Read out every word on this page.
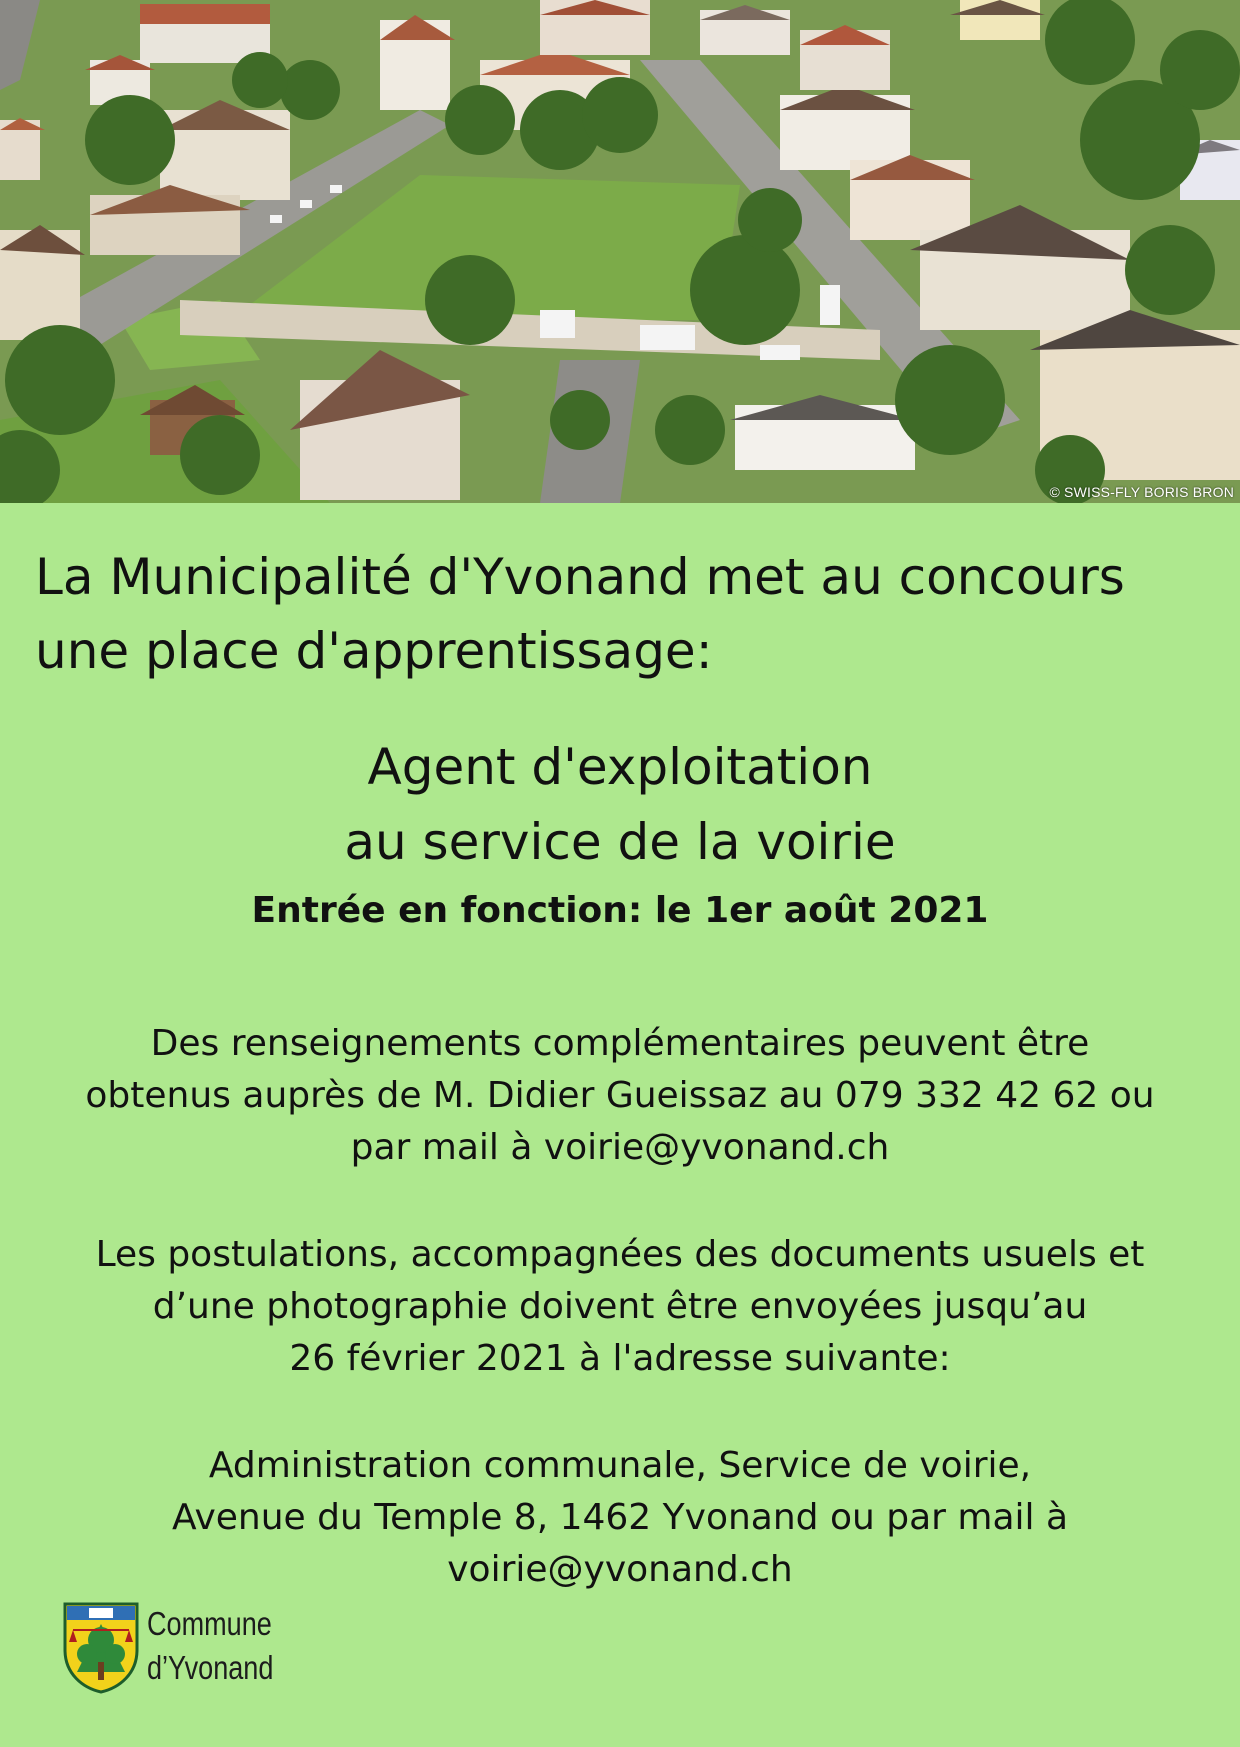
© SWISS-FLY BORIS BRON
La Municipalité d'Yvonand met au concours
une place d'apprentissage:
Agent d'exploitation
au service de la voirie
Entrée en fonction: le 1er août 2021
Des renseignements complémentaires peuvent être
obtenus auprès de M. Didier Gueissaz au 079 332 42 62 ou
par mail à voirie@yvonand.ch
Les postulations, accompagnées des documents usuels et
d’une photographie doivent être envoyées jusqu’au
26 février 2021 à l'adresse suivante:
Administration communale, Service de voirie,
Avenue du Temple 8, 1462 Yvonand ou par mail à
voirie@yvonand.ch
Commune
d’Yvonand
